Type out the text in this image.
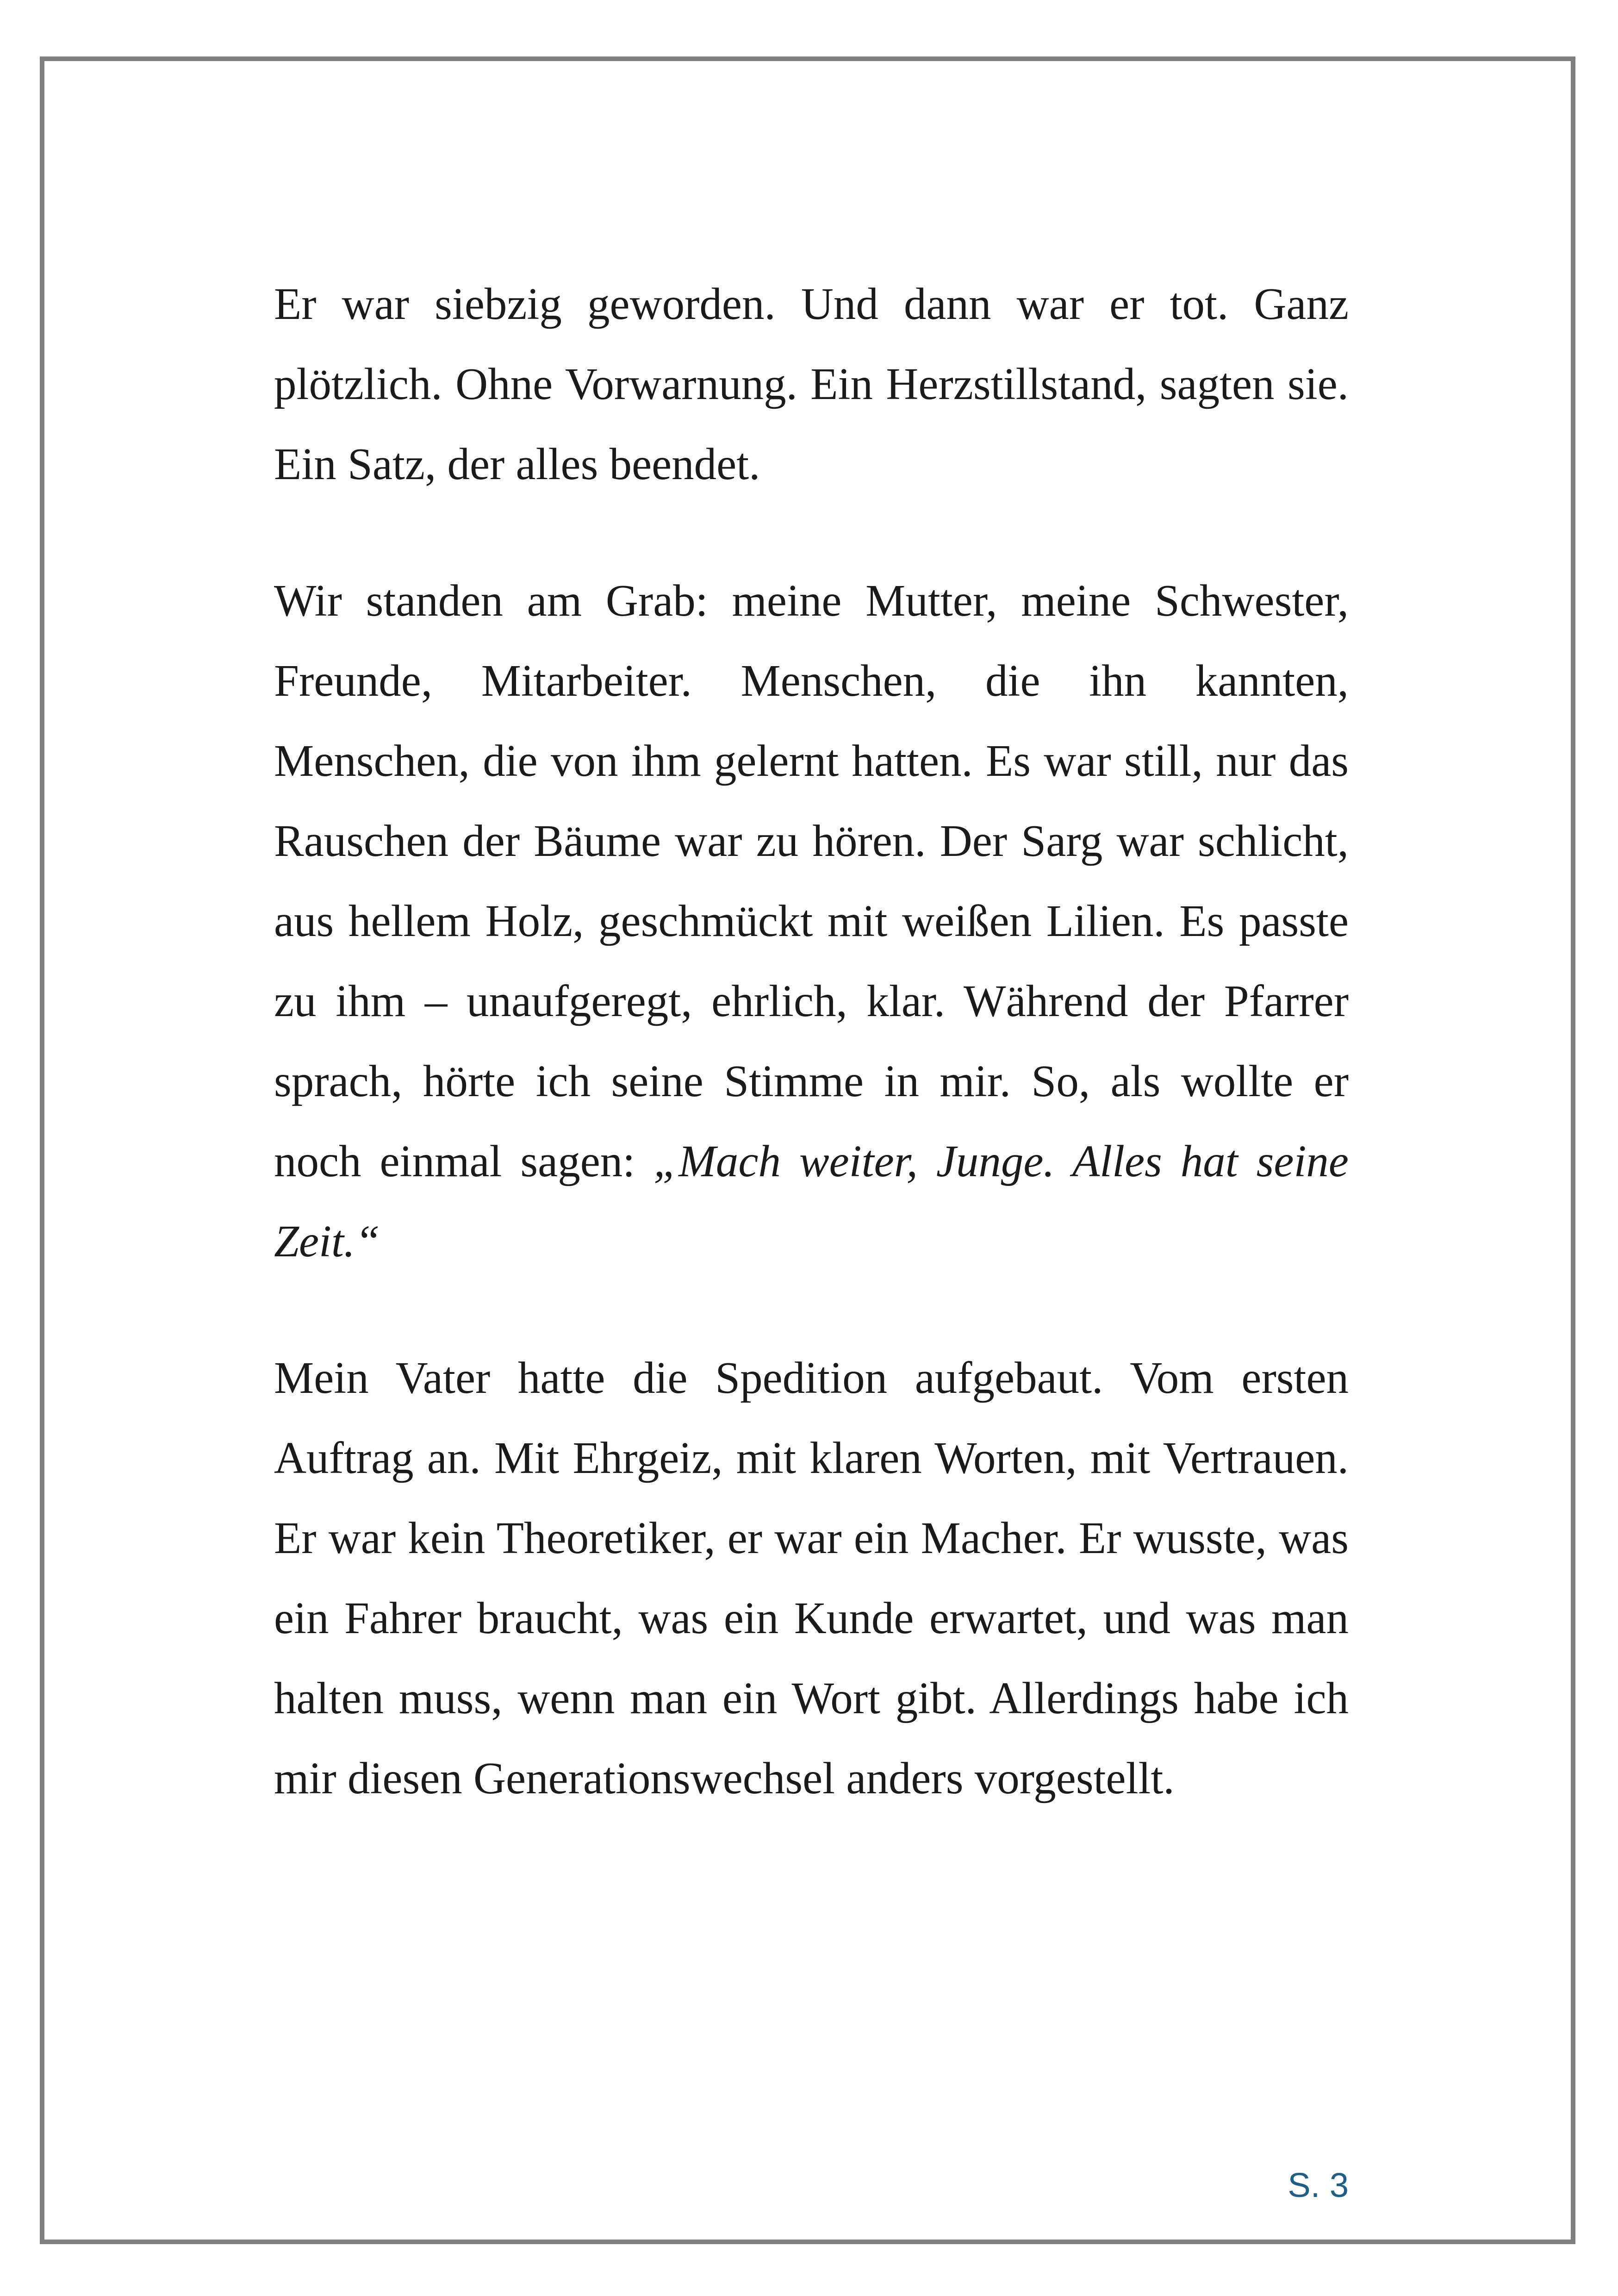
Er war siebzig geworden. Und dann war er tot. Ganz plötzlich. Ohne Vorwarnung. Ein Herzstillstand, sagten sie. Ein Satz, der alles beendet.

Wir standen am Grab: meine Mutter, meine Schwester, Freunde, Mitarbeiter. Menschen, die ihn kannten, Menschen, die von ihm gelernt hatten. Es war still, nur das Rauschen der Bäume war zu hören. Der Sarg war schlicht, aus hellem Holz, geschmückt mit weißen Lilien. Es passte zu ihm – unaufgeregt, ehrlich, klar. Während der Pfarrer sprach, hörte ich seine Stimme in mir. So, als wollte er noch einmal sagen: „Mach weiter, Junge. Alles hat seine Zeit.“

Mein Vater hatte die Spedition aufgebaut. Vom ersten Auftrag an. Mit Ehrgeiz, mit klaren Worten, mit Vertrauen. Er war kein Theoretiker, er war ein Macher. Er wusste, was ein Fahrer braucht, was ein Kunde erwartet, und was man halten muss, wenn man ein Wort gibt. Allerdings habe ich mir diesen Generationswechsel anders vorgestellt.

S. 3
